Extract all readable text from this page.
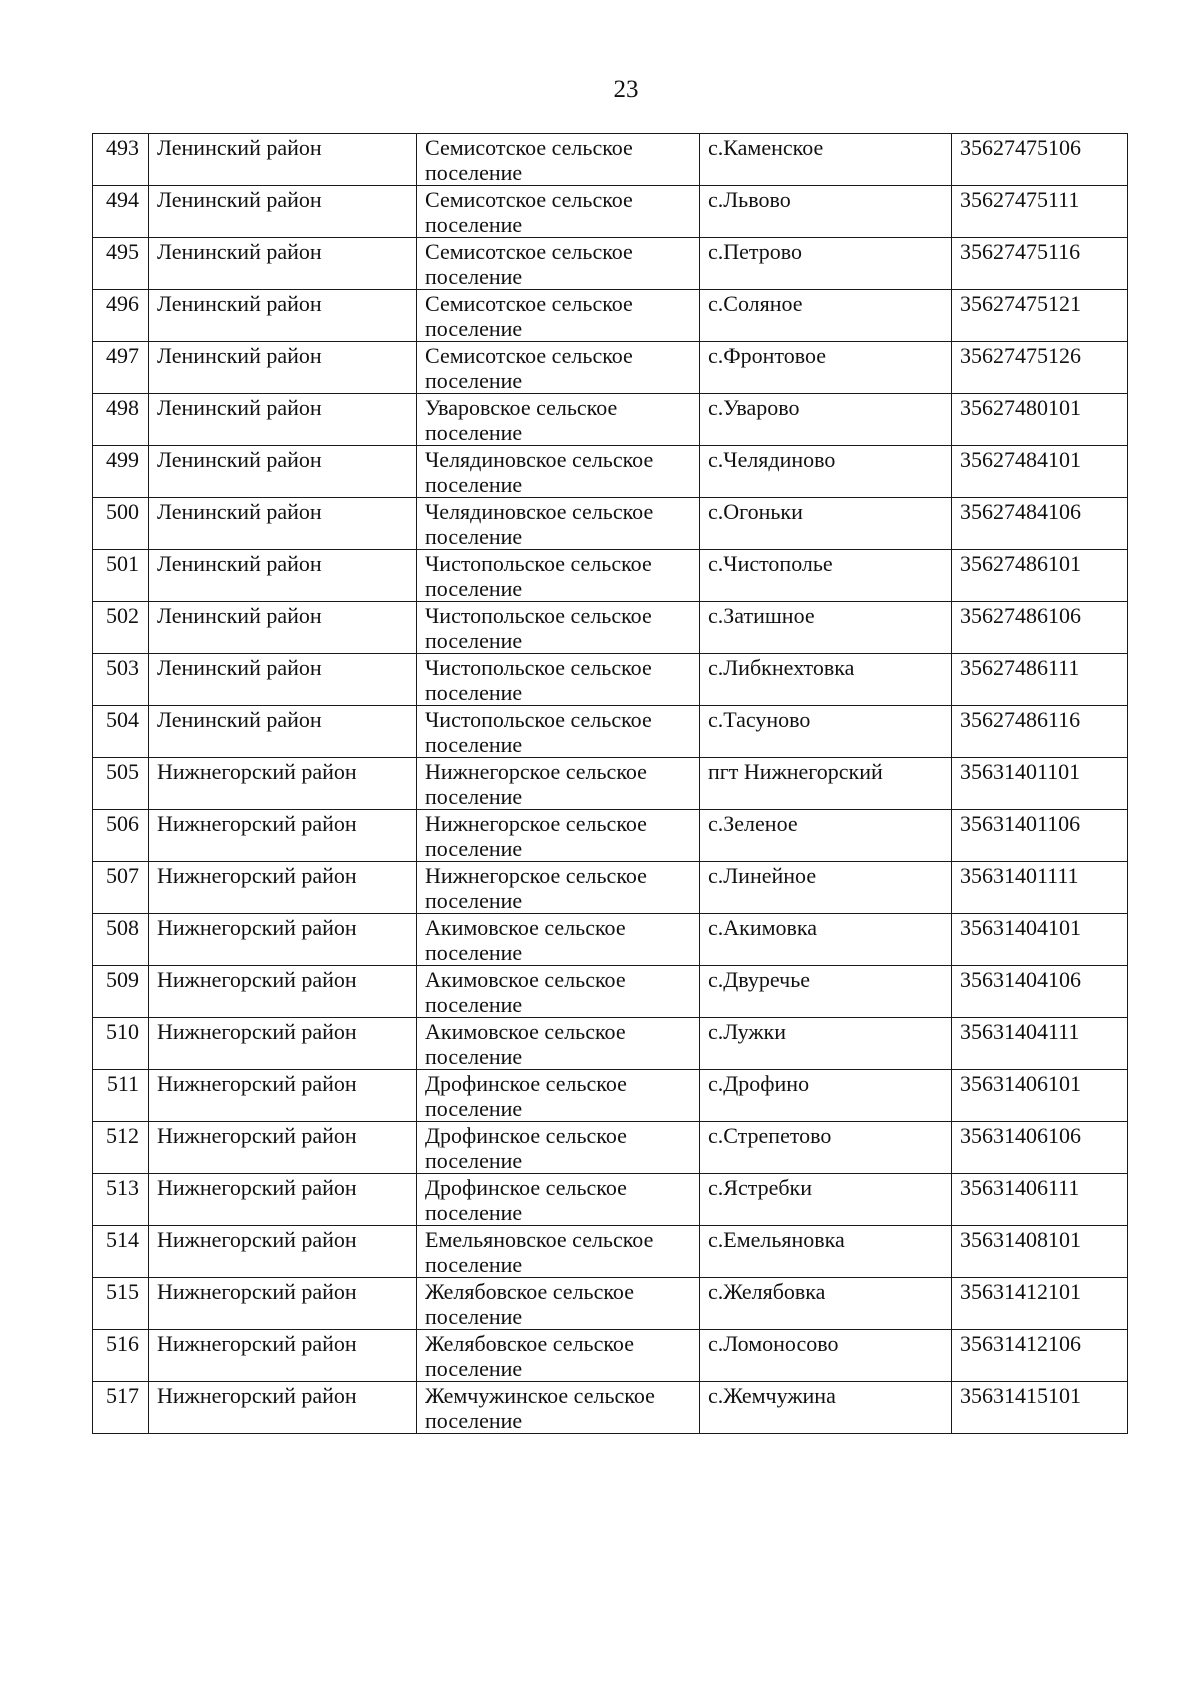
23
493	Ленинский район	Семисотское сельское поселение	с.Каменское	35627475106
494	Ленинский район	Семисотское сельское поселение	с.Львово	35627475111
495	Ленинский район	Семисотское сельское поселение	с.Петрово	35627475116
496	Ленинский район	Семисотское сельское поселение	с.Соляное	35627475121
497	Ленинский район	Семисотское сельское поселение	с.Фронтовое	35627475126
498	Ленинский район	Уваровское сельское поселение	с.Уварово	35627480101
499	Ленинский район	Челядиновское сельское поселение	с.Челядиново	35627484101
500	Ленинский район	Челядиновское сельское поселение	с.Огоньки	35627484106
501	Ленинский район	Чистопольское сельское поселение	с.Чистополье	35627486101
502	Ленинский район	Чистопольское сельское поселение	с.Затишное	35627486106
503	Ленинский район	Чистопольское сельское поселение	с.Либкнехтовка	35627486111
504	Ленинский район	Чистопольское сельское поселение	с.Тасуново	35627486116
505	Нижнегорский район	Нижнегорское сельское поселение	пгт Нижнегорский	35631401101
506	Нижнегорский район	Нижнегорское сельское поселение	с.Зеленое	35631401106
507	Нижнегорский район	Нижнегорское сельское поселение	с.Линейное	35631401111
508	Нижнегорский район	Акимовское сельское поселение	с.Акимовка	35631404101
509	Нижнегорский район	Акимовское сельское поселение	с.Двуречье	35631404106
510	Нижнегорский район	Акимовское сельское поселение	с.Лужки	35631404111
511	Нижнегорский район	Дрофинское сельское поселение	с.Дрофино	35631406101
512	Нижнегорский район	Дрофинское сельское поселение	с.Стрепетово	35631406106
513	Нижнегорский район	Дрофинское сельское поселение	с.Ястребки	35631406111
514	Нижнегорский район	Емельяновское сельское поселение	с.Емельяновка	35631408101
515	Нижнегорский район	Желябовское сельское поселение	с.Желябовка	35631412101
516	Нижнегорский район	Желябовское сельское поселение	с.Ломоносово	35631412106
517	Нижнегорский район	Жемчужинское сельское поселение	с.Жемчужина	35631415101
